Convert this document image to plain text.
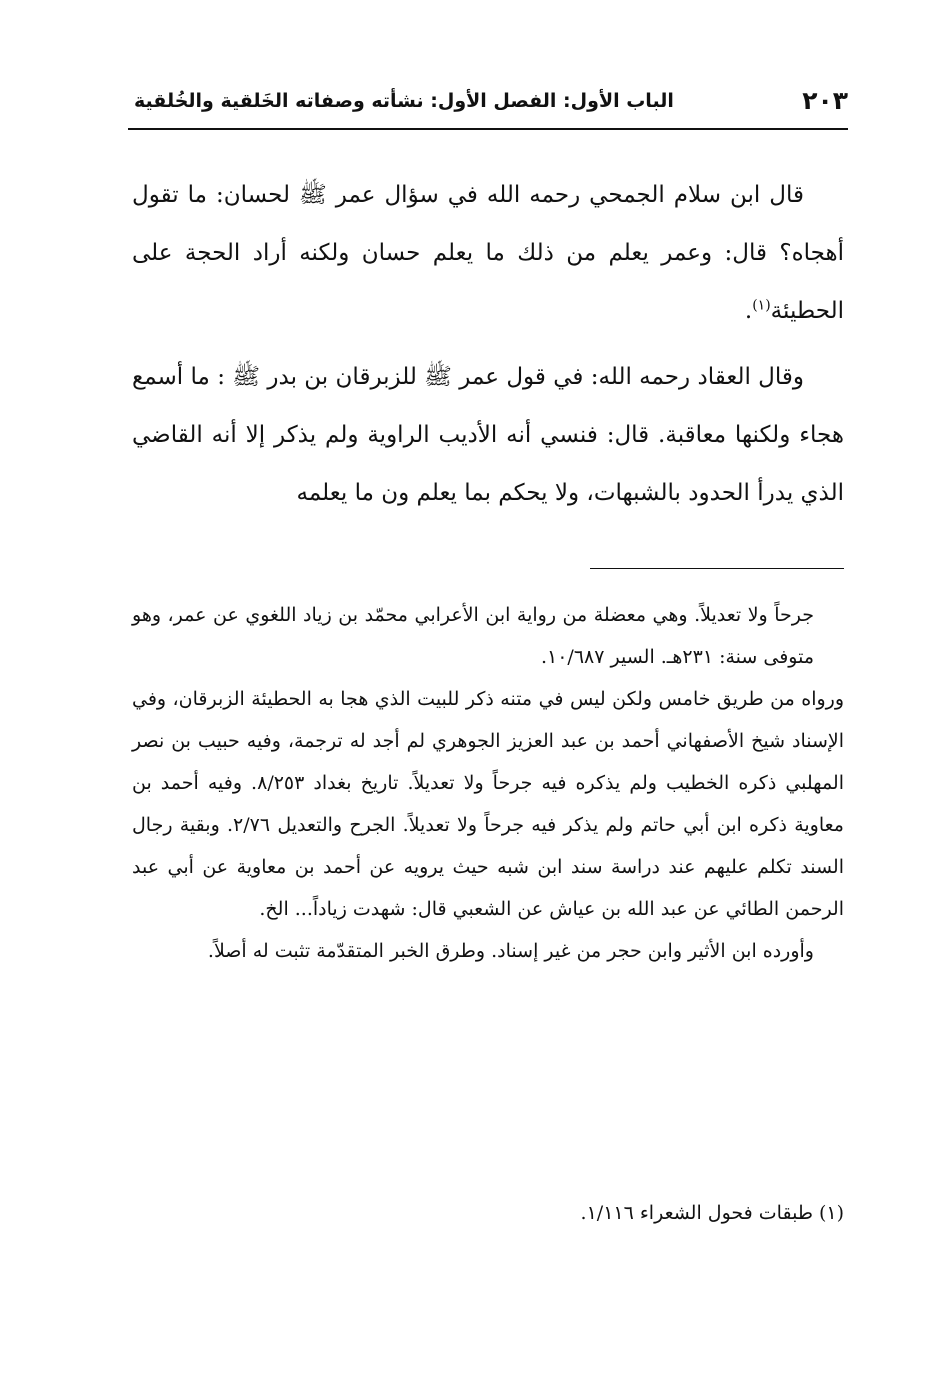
٢٠٣
الباب الأول: الفصل الأول: نشأته وصفاته الخَلقية والخُلقية

قال ابن سلام الجمحي رحمه الله في سؤال عمر ﷺ لحسان: ما تقول أهجاه؟ قال: وعمر يعلم من ذلك ما يعلم حسان ولكنه أراد الحجة على الحطيئة$^{(١)}$.

وقال العقاد رحمه الله: في قول عمر ﷺ للزبرقان بن بدر ﷺ : ما أسمع هجاء ولكنها معاقبة. قال: فنسي أنه الأديب الراوية ولم يذكر إلا أنه القاضي الذي يدرأ الحدود بالشبهات، ولا يحكم بما يعلم ون ما يعلمه

جرحاً ولا تعديلاً. وهي معضلة من رواية ابن الأعرابي محمّد بن زياد اللغوي عن عمر، وهو متوفى سنة: ٢٣١هـ. السير ١٠/٦٨٧.

ورواه من طريق خامس ولكن ليس في متنه ذكر للبيت الذي هجا به الحطيئة الزبرقان، وفي الإسناد شيخ الأصفهاني أحمد بن عبد العزيز الجوهري لم أجد له ترجمة، وفيه حبيب بن نصر المهلبي ذكره الخطيب ولم يذكره فيه جرحاً ولا تعديلاً. تاريخ بغداد ٨/٢٥٣. وفيه أحمد بن معاوية ذكره ابن أبي حاتم ولم يذكر فيه جرحاً ولا تعديلاً. الجرح والتعديل ٢/٧٦. وبقية رجال السند تكلم عليهم عند دراسة سند ابن شبه حيث يرويه عن أحمد بن معاوية عن أبي عبد الرحمن الطائي عن عبد الله بن عياش عن الشعبي قال: شهدت زياداً... الخ.

وأورده ابن الأثير وابن حجر من غير إسناد. وطرق الخبر المتقدّمة تثبت له أصلاً.

(١)طبقات فحول الشعراء ١/١١٦.
